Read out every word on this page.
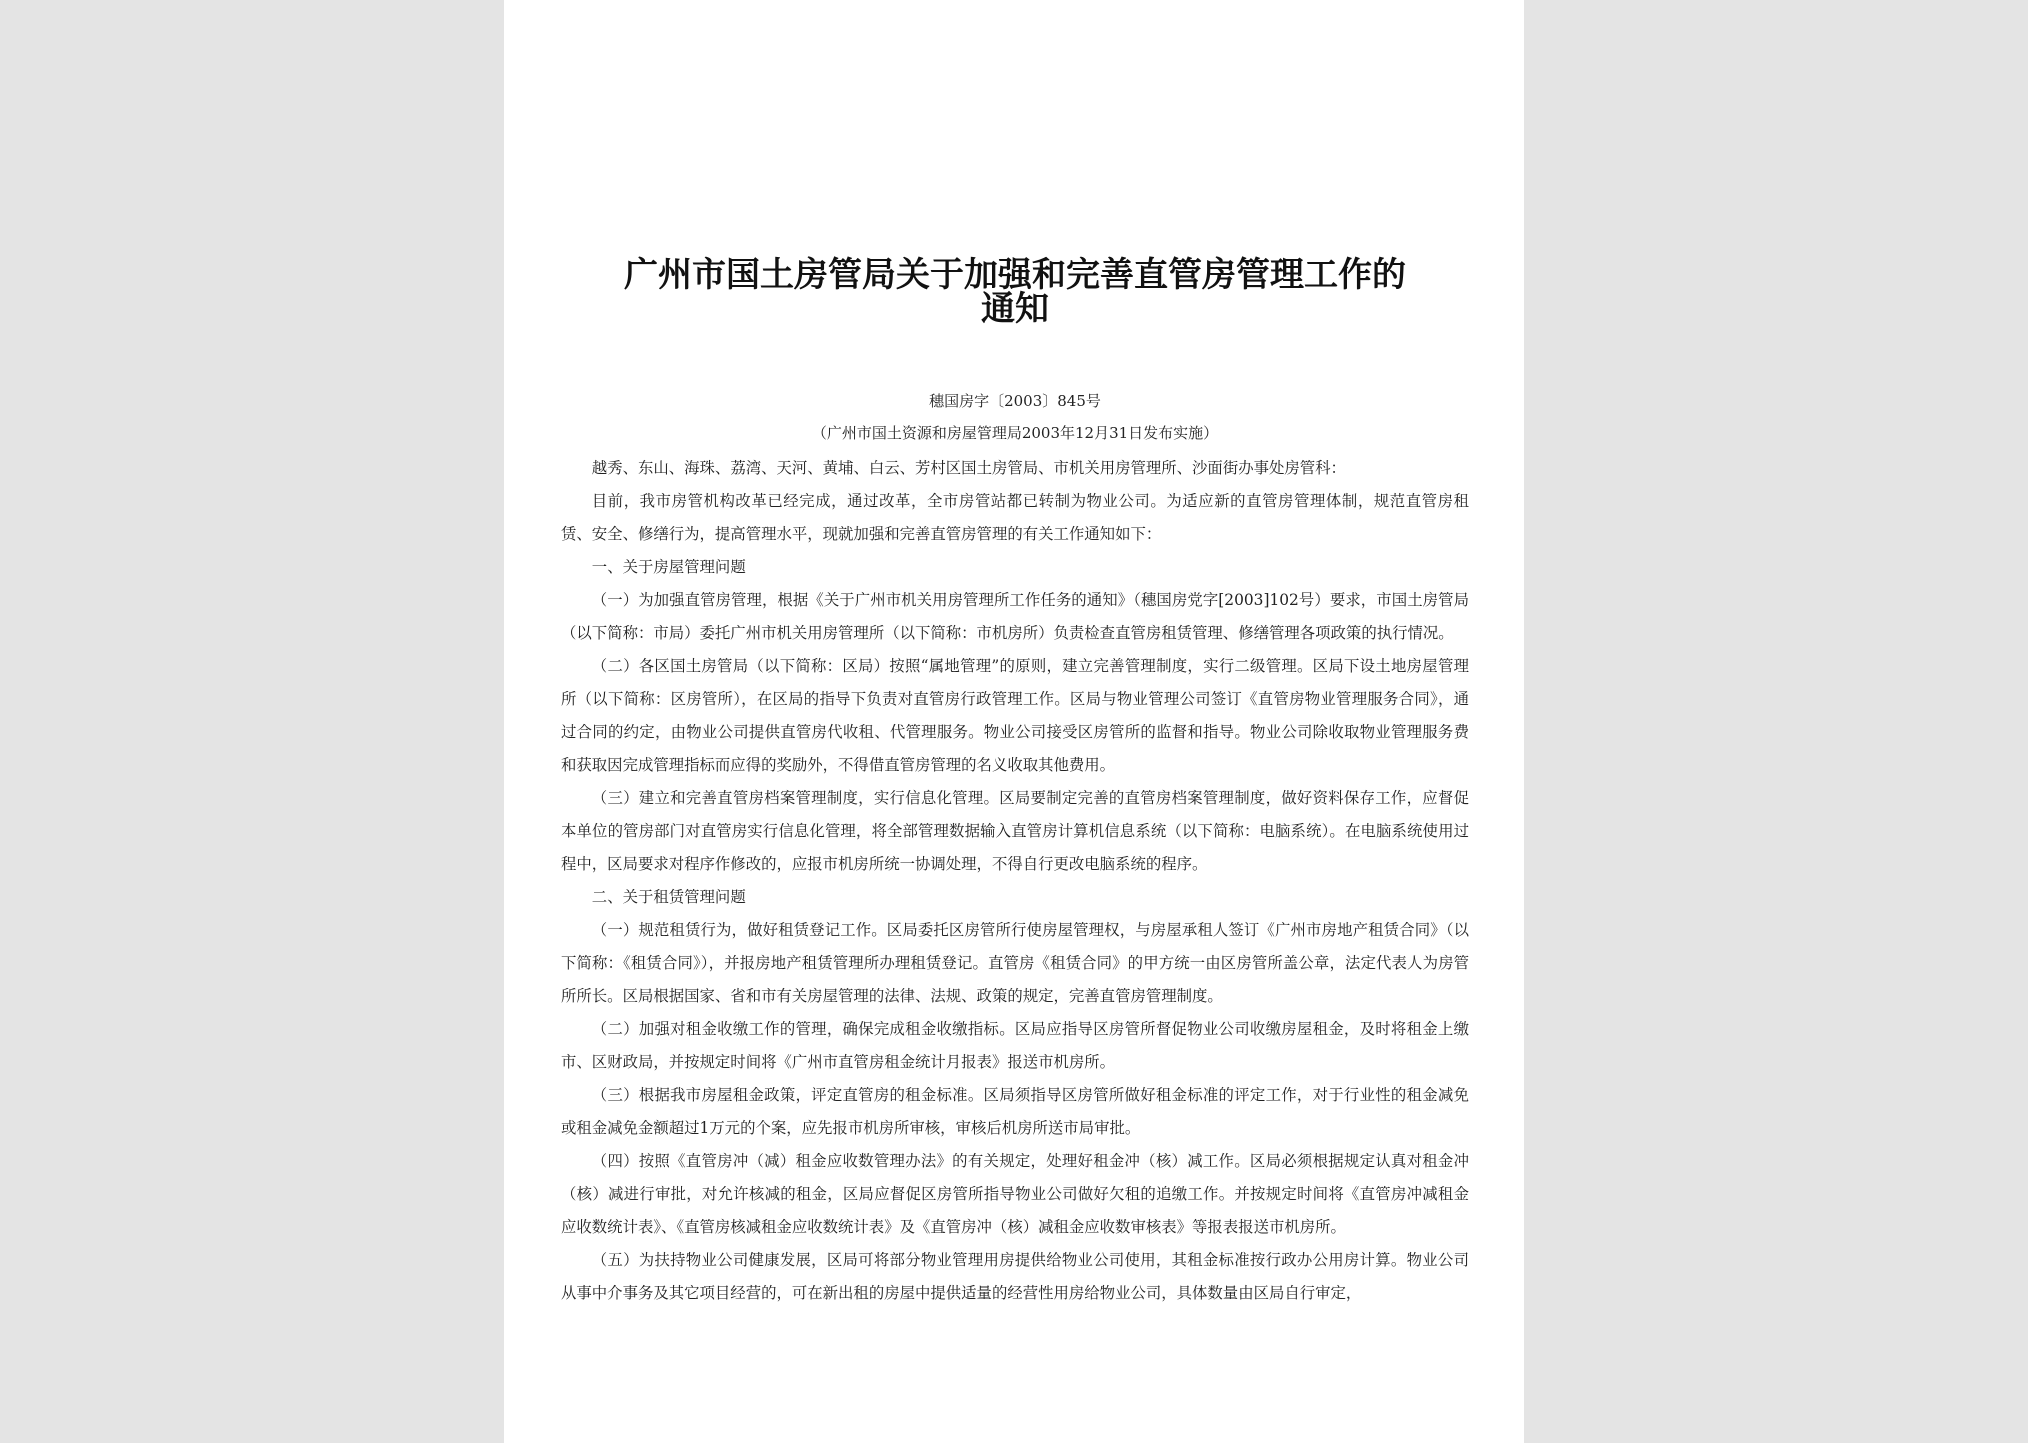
广州市国土房管局关于加强和完善直管房管理工作的
通知
穗国房字〔2003〕845号
（广州市国土资源和房屋管理局2003年12月31日发布实施）

越秀、东山、海珠、荔湾、天河、黄埔、白云、芳村区国土房管局、市机关用房管理所、沙面街办事处房管科：

目前，我市房管机构改革已经完成，通过改革，全市房管站都已转制为物业公司。为适应新的直管房管理体制，规范直管房租赁、安全、修缮行为，提高管理水平，现就加强和完善直管房管理的有关工作通知如下：

一、关于房屋管理问题

（一）为加强直管房管理，根据《关于广州市机关用房管理所工作任务的通知》（穗国房党字[2003]102号）要求，市国土房管局（以下简称：市局）委托广州市机关用房管理所（以下简称：市机房所）负责检查直管房租赁管理、修缮管理各项政策的执行情况。

（二）各区国土房管局（以下简称：区局）按照“属地管理”的原则，建立完善管理制度，实行二级管理。区局下设土地房屋管理所（以下简称：区房管所），在区局的指导下负责对直管房行政管理工作。区局与物业管理公司签订《直管房物业管理服务合同》，通过合同的约定，由物业公司提供直管房代收租、代管理服务。物业公司接受区房管所的监督和指导。物业公司除收取物业管理服务费和获取因完成管理指标而应得的奖励外，不得借直管房管理的名义收取其他费用。

（三）建立和完善直管房档案管理制度，实行信息化管理。区局要制定完善的直管房档案管理制度，做好资料保存工作，应督促本单位的管房部门对直管房实行信息化管理，将全部管理数据输入直管房计算机信息系统（以下简称：电脑系统）。在电脑系统使用过程中，区局要求对程序作修改的，应报市机房所统一协调处理，不得自行更改电脑系统的程序。

二、关于租赁管理问题

（一）规范租赁行为，做好租赁登记工作。区局委托区房管所行使房屋管理权，与房屋承租人签订《广州市房地产租赁合同》（以下简称：《租赁合同》），并报房地产租赁管理所办理租赁登记。直管房《租赁合同》的甲方统一由区房管所盖公章，法定代表人为房管所所长。区局根据国家、省和市有关房屋管理的法律、法规、政策的规定，完善直管房管理制度。

（二）加强对租金收缴工作的管理，确保完成租金收缴指标。区局应指导区房管所督促物业公司收缴房屋租金，及时将租金上缴市、区财政局，并按规定时间将《广州市直管房租金统计月报表》报送市机房所。

（三）根据我市房屋租金政策，评定直管房的租金标准。区局须指导区房管所做好租金标准的评定工作，对于行业性的租金减免或租金减免金额超过1万元的个案，应先报市机房所审核，审核后机房所送市局审批。

（四）按照《直管房冲（减）租金应收数管理办法》的有关规定，处理好租金冲（核）减工作。区局必须根据规定认真对租金冲（核）减进行审批，对允许核减的租金，区局应督促区房管所指导物业公司做好欠租的追缴工作。并按规定时间将《直管房冲减租金应收数统计表》、《直管房核减租金应收数统计表》及《直管房冲（核）减租金应收数审核表》等报表报送市机房所。

（五）为扶持物业公司健康发展，区局可将部分物业管理用房提供给物业公司使用，其租金标准按行政办公用房计算。物业公司从事中介事务及其它项目经营的，可在新出租的房屋中提供适量的经营性用房给物业公司，具体数量由区局自行审定，
